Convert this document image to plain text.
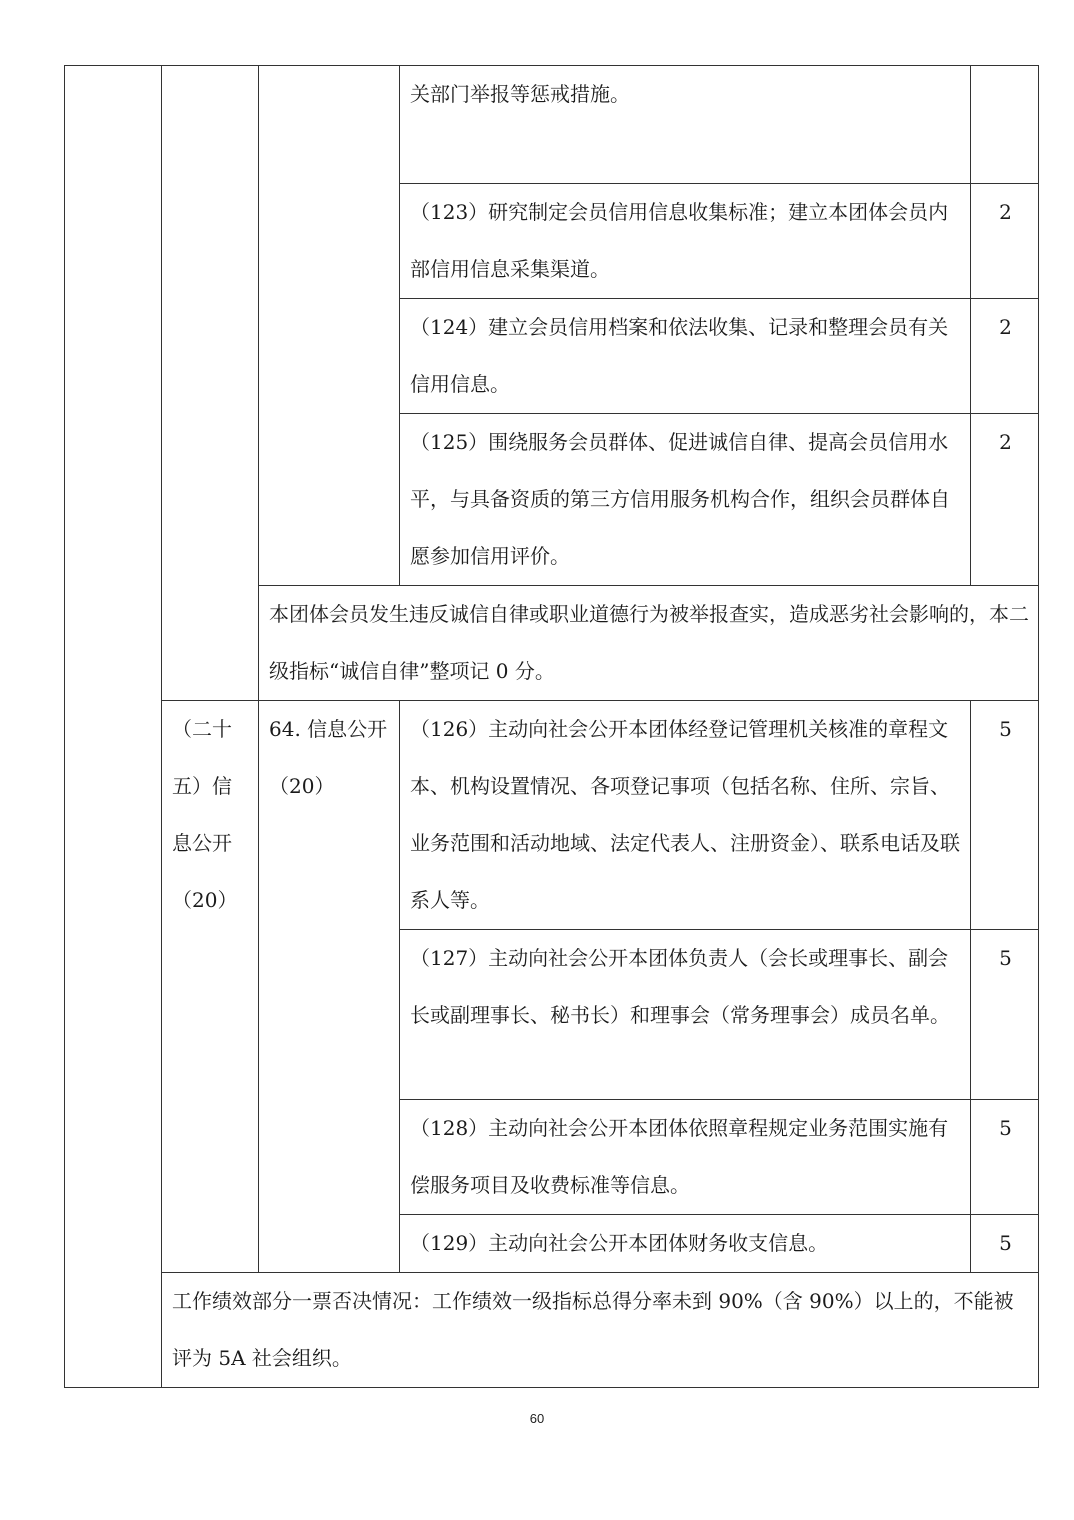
			关部门举报等惩戒措施。	
			（123）研究制定会员信用信息收集标准；建立本团体会员内部信用信息采集渠道。	2
			（124）建立会员信用档案和依法收集、记录和整理会员有关信用信息。	2
			（125）围绕服务会员群体、促进诚信自律、提高会员信用水平，与具备资质的第三方信用服务机构合作，组织会员群体自愿参加信用评价。	2
		本团体会员发生违反诚信自律或职业道德行为被举报查实，造成恶劣社会影响的，本二级指标“诚信自律”整项记 0 分。		
	（二十五）信息公开（20）	64. 信息公开（20）	（126）主动向社会公开本团体经登记管理机关核准的章程文本、机构设置情况、各项登记事项（包括名称、住所、宗旨、业务范围和活动地域、法定代表人、注册资金）、联系电话及联系人等。	5
			（127）主动向社会公开本团体负责人（会长或理事长、副会长或副理事长、秘书长）和理事会（常务理事会）成员名单。	5
			（128）主动向社会公开本团体依照章程规定业务范围实施有偿服务项目及收费标准等信息。	5
			（129）主动向社会公开本团体财务收支信息。	5
	工作绩效部分一票否决情况：工作绩效一级指标总得分率未到 90%（含 90%）以上的，不能被评为 5A 社会组织。			
60
